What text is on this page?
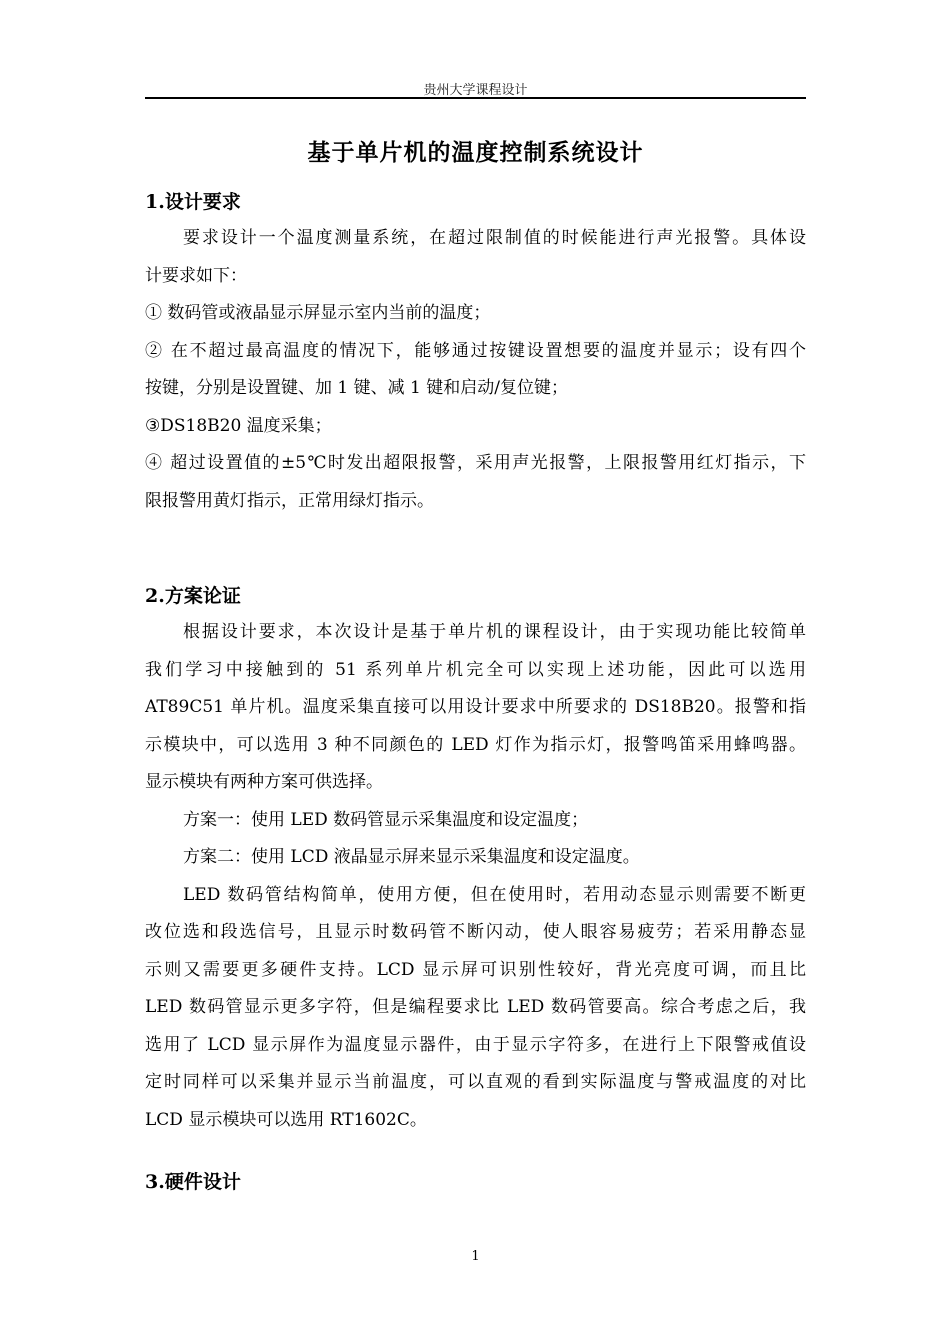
贵州大学课程设计
基于单片机的温度控制系统设计
1.设计要求
要求设计一个温度测量系统，在超过限制值的时候能进行声光报警。具体设
计要求如下：
① 数码管或液晶显示屏显示室内当前的温度；
② 在不超过最高温度的情况下，能够通过按键设置想要的温度并显示；设有四个
按键，分别是设置键、加 1 键、减 1 键和启动/复位键；
③DS18B20 温度采集；
④ 超过设置值的±5℃时发出超限报警，采用声光报警，上限报警用红灯指示，下
限报警用黄灯指示，正常用绿灯指示。
2.方案论证
根据设计要求，本次设计是基于单片机的课程设计，由于实现功能比较简单
我们学习中接触到的 51 系列单片机完全可以实现上述功能，因此可以选用
AT89C51 单片机。温度采集直接可以用设计要求中所要求的 DS18B20。报警和指
示模块中，可以选用 3 种不同颜色的 LED 灯作为指示灯，报警鸣笛采用蜂鸣器。
显示模块有两种方案可供选择。
方案一：使用 LED 数码管显示采集温度和设定温度；
方案二：使用 LCD 液晶显示屏来显示采集温度和设定温度。
LED 数码管结构简单，使用方便，但在使用时，若用动态显示则需要不断更
改位选和段选信号，且显示时数码管不断闪动，使人眼容易疲劳；若采用静态显
示则又需要更多硬件支持。LCD 显示屏可识别性较好，背光亮度可调，而且比
LED 数码管显示更多字符，但是编程要求比 LED 数码管要高。综合考虑之后，我
选用了 LCD 显示屏作为温度显示器件，由于显示字符多，在进行上下限警戒值设
定时同样可以采集并显示当前温度，可以直观的看到实际温度与警戒温度的对比
LCD 显示模块可以选用 RT1602C。
3.硬件设计
1
